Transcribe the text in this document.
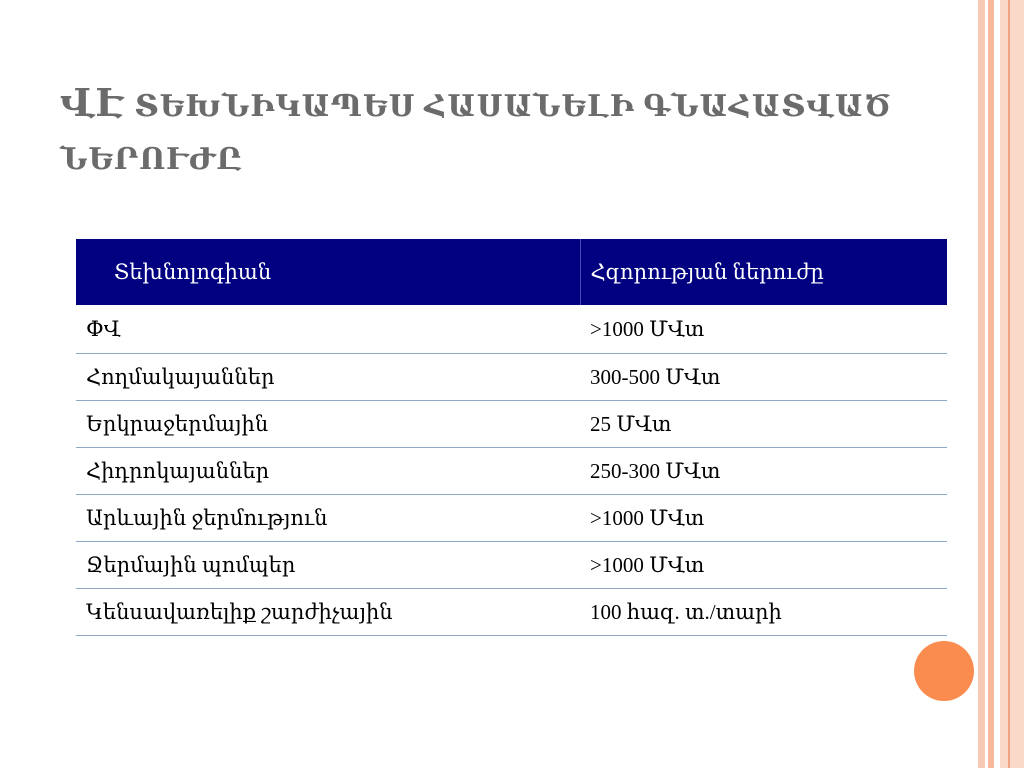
ՎԷ ՏԵԽՆԻԿԱՊԵՍ ՀԱՍԱՆԵԼԻ ԳՆԱՀԱՏՎԱԾ
ՆԵՐՈՒԺԸ
Տեխնոլոգիան	Հզորության ներուժը
ՓՎ	>1000 ՄՎտ
Հողմակայաններ	300-500 ՄՎտ
Երկրաջերմային	25 ՄՎտ
Հիդրոկայաններ	250-300 ՄՎտ
Արևային ջերմություն	>1000 ՄՎտ
Ջերմային պոմպեր	>1000 ՄՎտ
Կենսավառելիք շարժիչային	100 հազ. տ./տարի
